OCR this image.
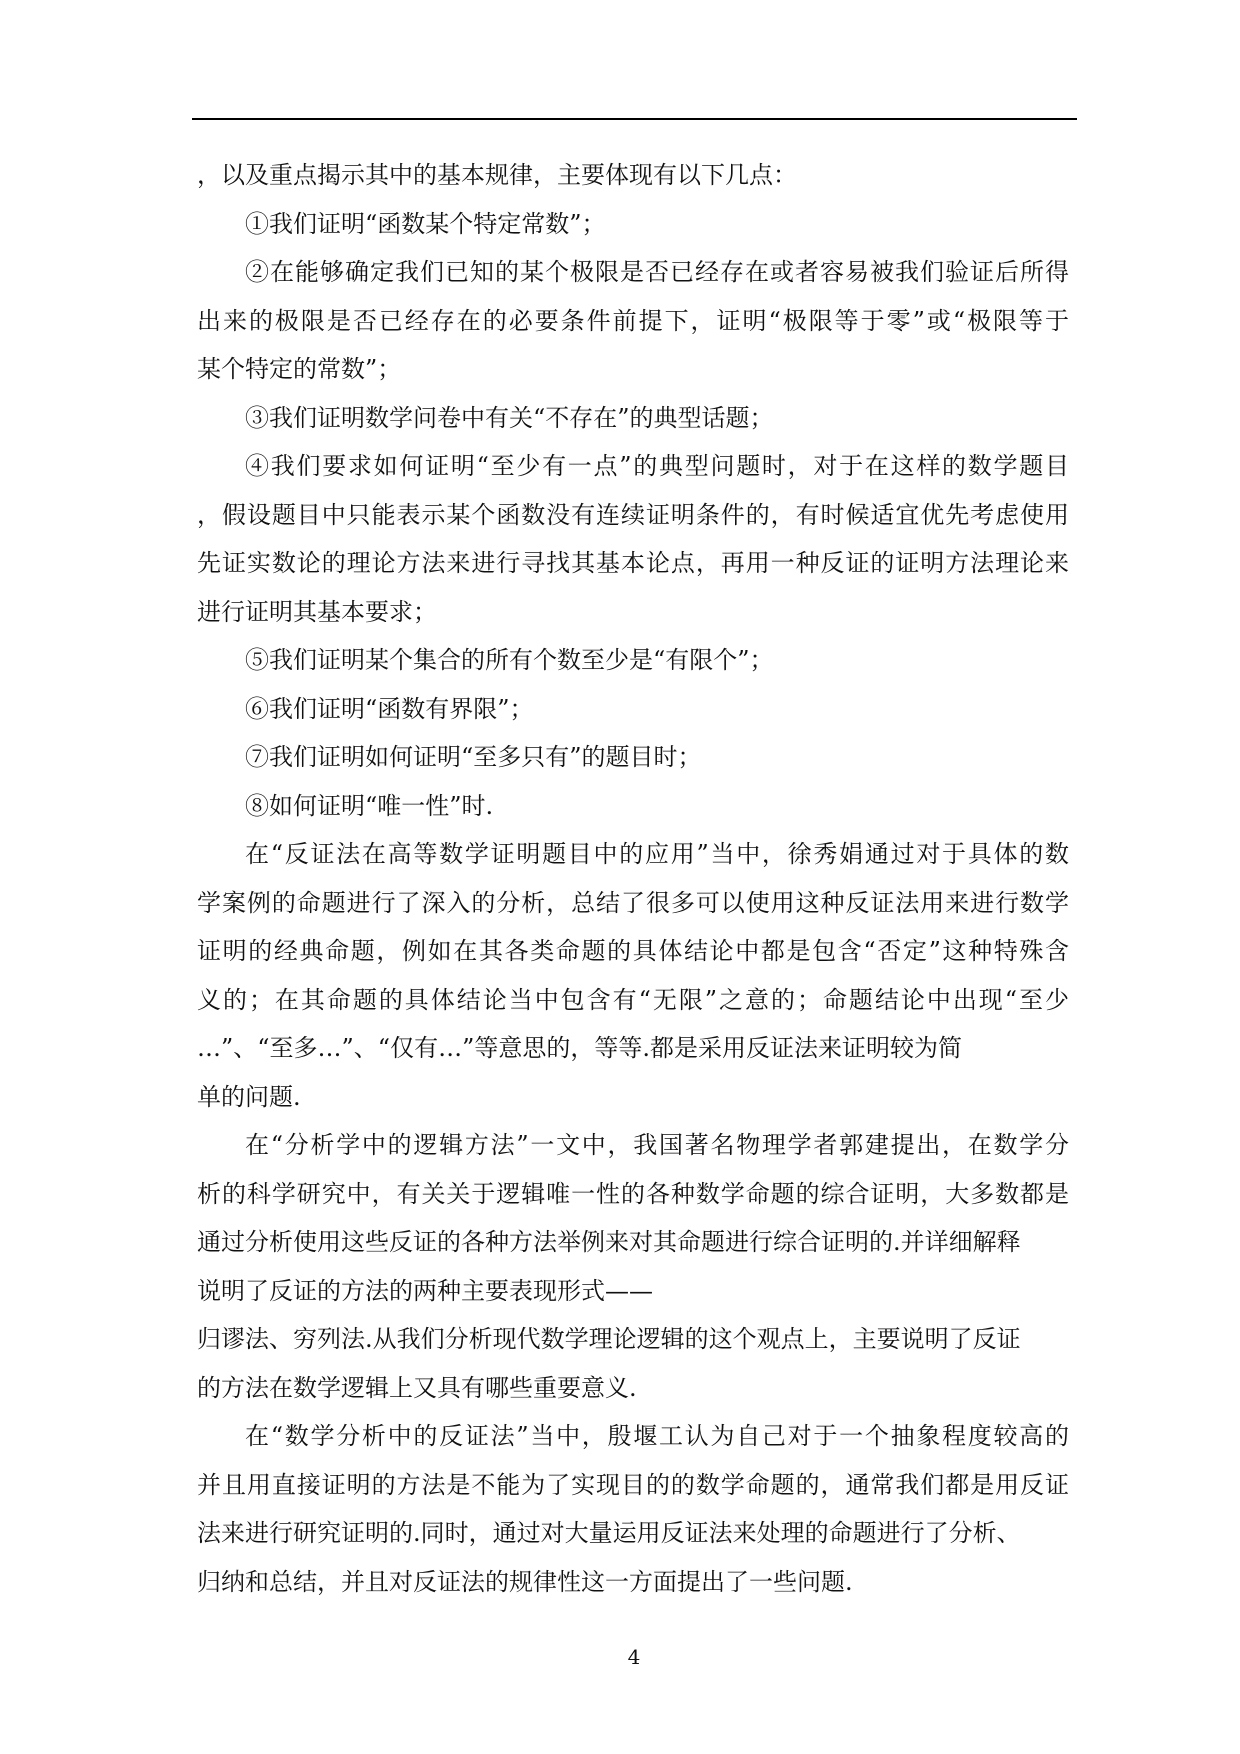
，以及重点揭示其中的基本规律，主要体现有以下几点：
①我们证明“函数某个特定常数”；
②在能够确定我们已知的某个极限是否已经存在或者容易被我们验证后所得
出来的极限是否已经存在的必要条件前提下，证明“极限等于零”或“极限等于
某个特定的常数”；
③我们证明数学问卷中有关“不存在”的典型话题；
④我们要求如何证明“至少有一点”的典型问题时，对于在这样的数学题目
，假设题目中只能表示某个函数没有连续证明条件的，有时候适宜优先考虑使用
先证实数论的理论方法来进行寻找其基本论点，再用一种反证的证明方法理论来
进行证明其基本要求；
⑤我们证明某个集合的所有个数至少是“有限个”；
⑥我们证明“函数有界限”；
⑦我们证明如何证明“至多只有”的题目时；
⑧如何证明“唯一性”时.
在“反证法在高等数学证明题目中的应用”当中，徐秀娟通过对于具体的数
学案例的命题进行了深入的分析，总结了很多可以使用这种反证法用来进行数学
证明的经典命题，例如在其各类命题的具体结论中都是包含“否定”这种特殊含
义的；在其命题的具体结论当中包含有“无限”之意的；命题结论中出现“至少
…”、“至多…”、“仅有…”等意思的，等等.都是采用反证法来证明较为简
单的问题.
在“分析学中的逻辑方法”一文中，我国著名物理学者郭建提出，在数学分
析的科学研究中，有关关于逻辑唯一性的各种数学命题的综合证明，大多数都是
通过分析使用这些反证的各种方法举例来对其命题进行综合证明的.并详细解释
说明了反证的方法的两种主要表现形式——
归谬法、穷列法.从我们分析现代数学理论逻辑的这个观点上，主要说明了反证
的方法在数学逻辑上又具有哪些重要意义.
在“数学分析中的反证法”当中，殷堰工认为自己对于一个抽象程度较高的
并且用直接证明的方法是不能为了实现目的的数学命题的，通常我们都是用反证
法来进行研究证明的.同时，通过对大量运用反证法来处理的命题进行了分析、
归纳和总结，并且对反证法的规律性这一方面提出了一些问题.
4
